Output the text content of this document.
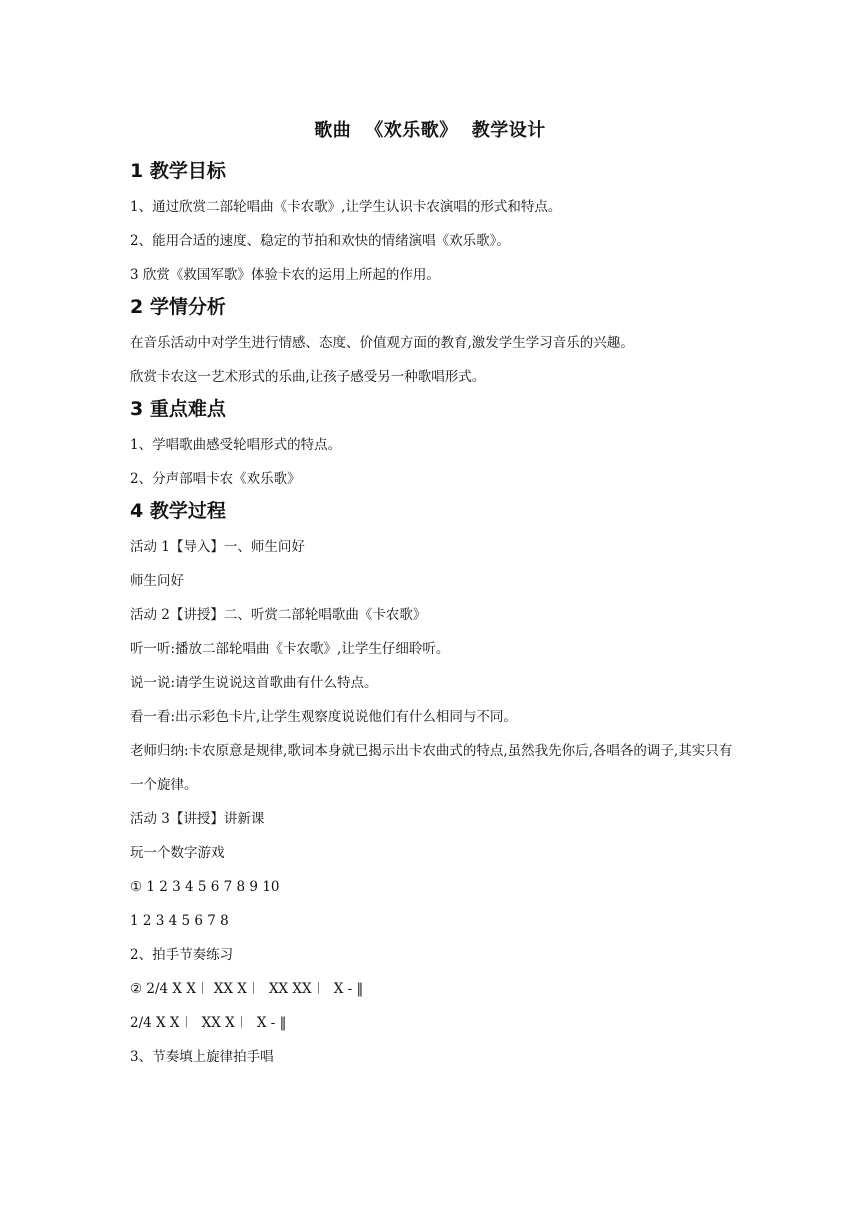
歌曲 《欢乐歌》 教学设计
1 教学目标
1、通过欣赏二部轮唱曲《卡农歌》,让学生认识卡农演唱的形式和特点。
2、能用合适的速度、稳定的节拍和欢快的情绪演唱《欢乐歌》。
3 欣赏《救国军歌》体验卡农的运用上所起的作用。
2 学情分析
在音乐活动中对学生进行情感、态度、价值观方面的教育,激发学生学习音乐的兴趣。
欣赏卡农这一艺术形式的乐曲,让孩子感受另一种歌唱形式。
3 重点难点
1、学唱歌曲感受轮唱形式的特点。
2、分声部唱卡农《欢乐歌》
4 教学过程
活动 1【导入】一、师生问好
师生问好
活动 2【讲授】二、听赏二部轮唱歌曲《卡农歌》
听一听:播放二部轮唱曲《卡农歌》,让学生仔细聆听。
说一说:请学生说说这首歌曲有什么特点。
看一看:出示彩色卡片,让学生观察度说说他们有什么相同与不同。
老师归纳:卡农原意是规律,歌词本身就已揭示出卡农曲式的特点,虽然我先你后,各唱各的调子,其实只有一个旋律。
活动 3【讲授】讲新课
玩一个数字游戏
① 1 2 3 4 5 6 7 8 9 10
1 2 3 4 5 6 7 8
2、拍手节奏练习
② 2/4 X X︱ XX X︱  XX XX︱  X - ‖
2/4 X X︱  XX X︱  X - ‖
3、节奏填上旋律拍手唱
